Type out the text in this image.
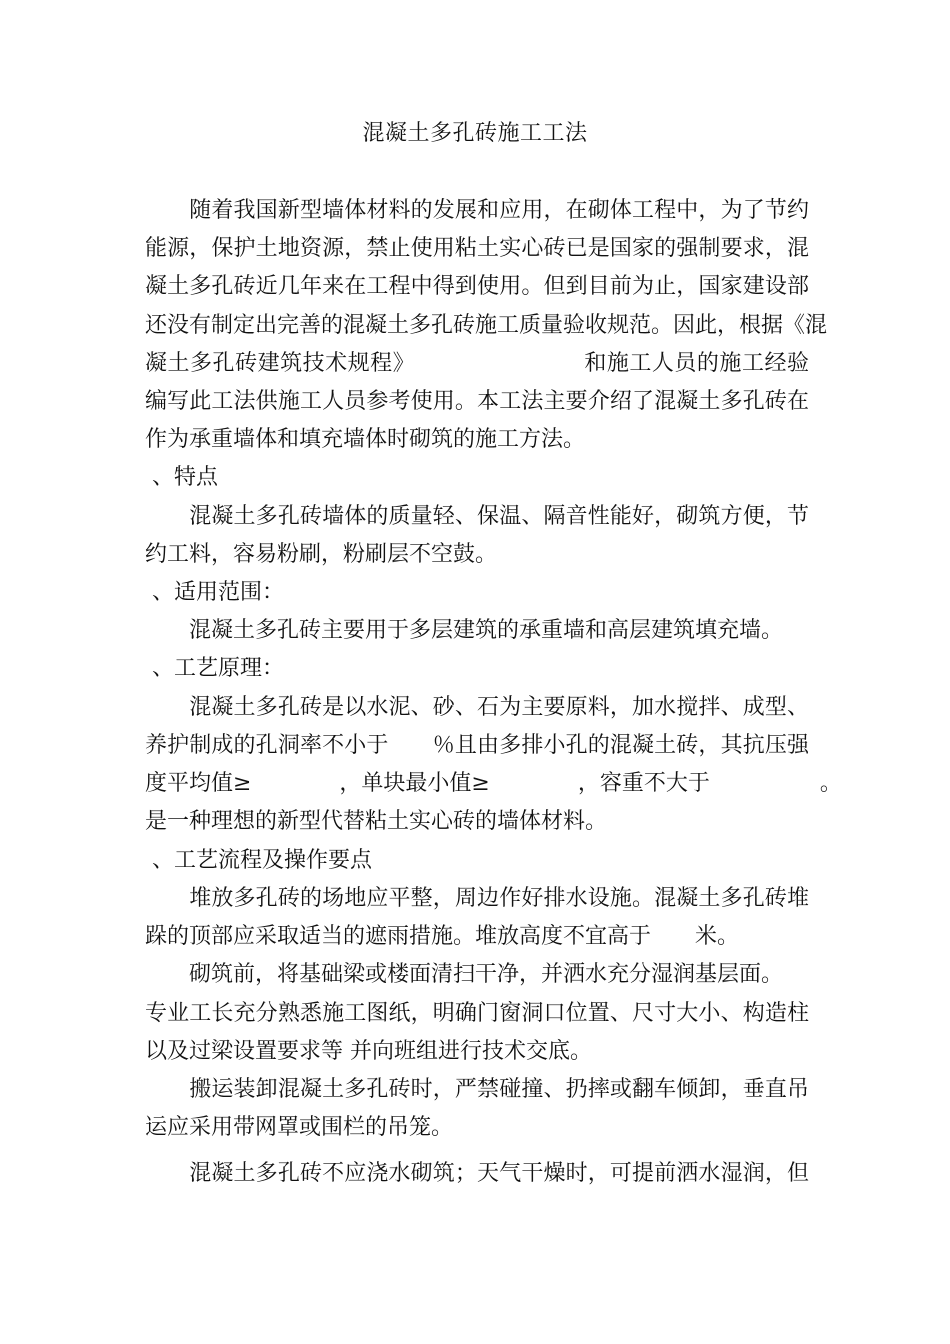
混凝土多孔砖施工工法
　　随着我国新型墙体材料的发展和应用，在砌体工程中，为了节约
能源，保护土地资源，禁止使用粘土实心砖已是国家的强制要求，混
凝土多孔砖近几年来在工程中得到使用。但到目前为止，国家建设部
还没有制定出完善的混凝土多孔砖施工质量验收规范。因此，根据《混
凝土多孔砖建筑技术规程》　　　　　　　　和施工人员的施工经验
编写此工法供施工人员参考使用。本工法主要介绍了混凝土多孔砖在
作为承重墙体和填充墙体时砌筑的施工方法。
、特点
　　混凝土多孔砖墙体的质量轻、保温、隔音性能好，砌筑方便，节
约工料，容易粉刷，粉刷层不空鼓。
、适用范围：
　　混凝土多孔砖主要用于多层建筑的承重墙和高层建筑填充墙。
、工艺原理：
　　混凝土多孔砖是以水泥、砂、石为主要原料，加水搅拌、成型、
养护制成的孔洞率不小于　　％且由多排小孔的混凝土砖，其抗压强
度平均值≥　　　　，单块最小值≥　　　　，容重不大于　　　　　。
是一种理想的新型代替粘土实心砖的墙体材料。
、工艺流程及操作要点
　　堆放多孔砖的场地应平整，周边作好排水设施。混凝土多孔砖堆
跺的顶部应采取适当的遮雨措施。堆放高度不宜高于　　米。
　　砌筑前，将基础梁或楼面清扫干净，并洒水充分湿润基层面。
专业工长充分熟悉施工图纸，明确门窗洞口位置、尺寸大小、构造柱
以及过梁设置要求等 并向班组进行技术交底。
　　搬运装卸混凝土多孔砖时，严禁碰撞、扔摔或翻车倾卸，垂直吊
运应采用带网罩或围栏的吊笼。
　　混凝土多孔砖不应浇水砌筑；天气干燥时，可提前洒水湿润，但
